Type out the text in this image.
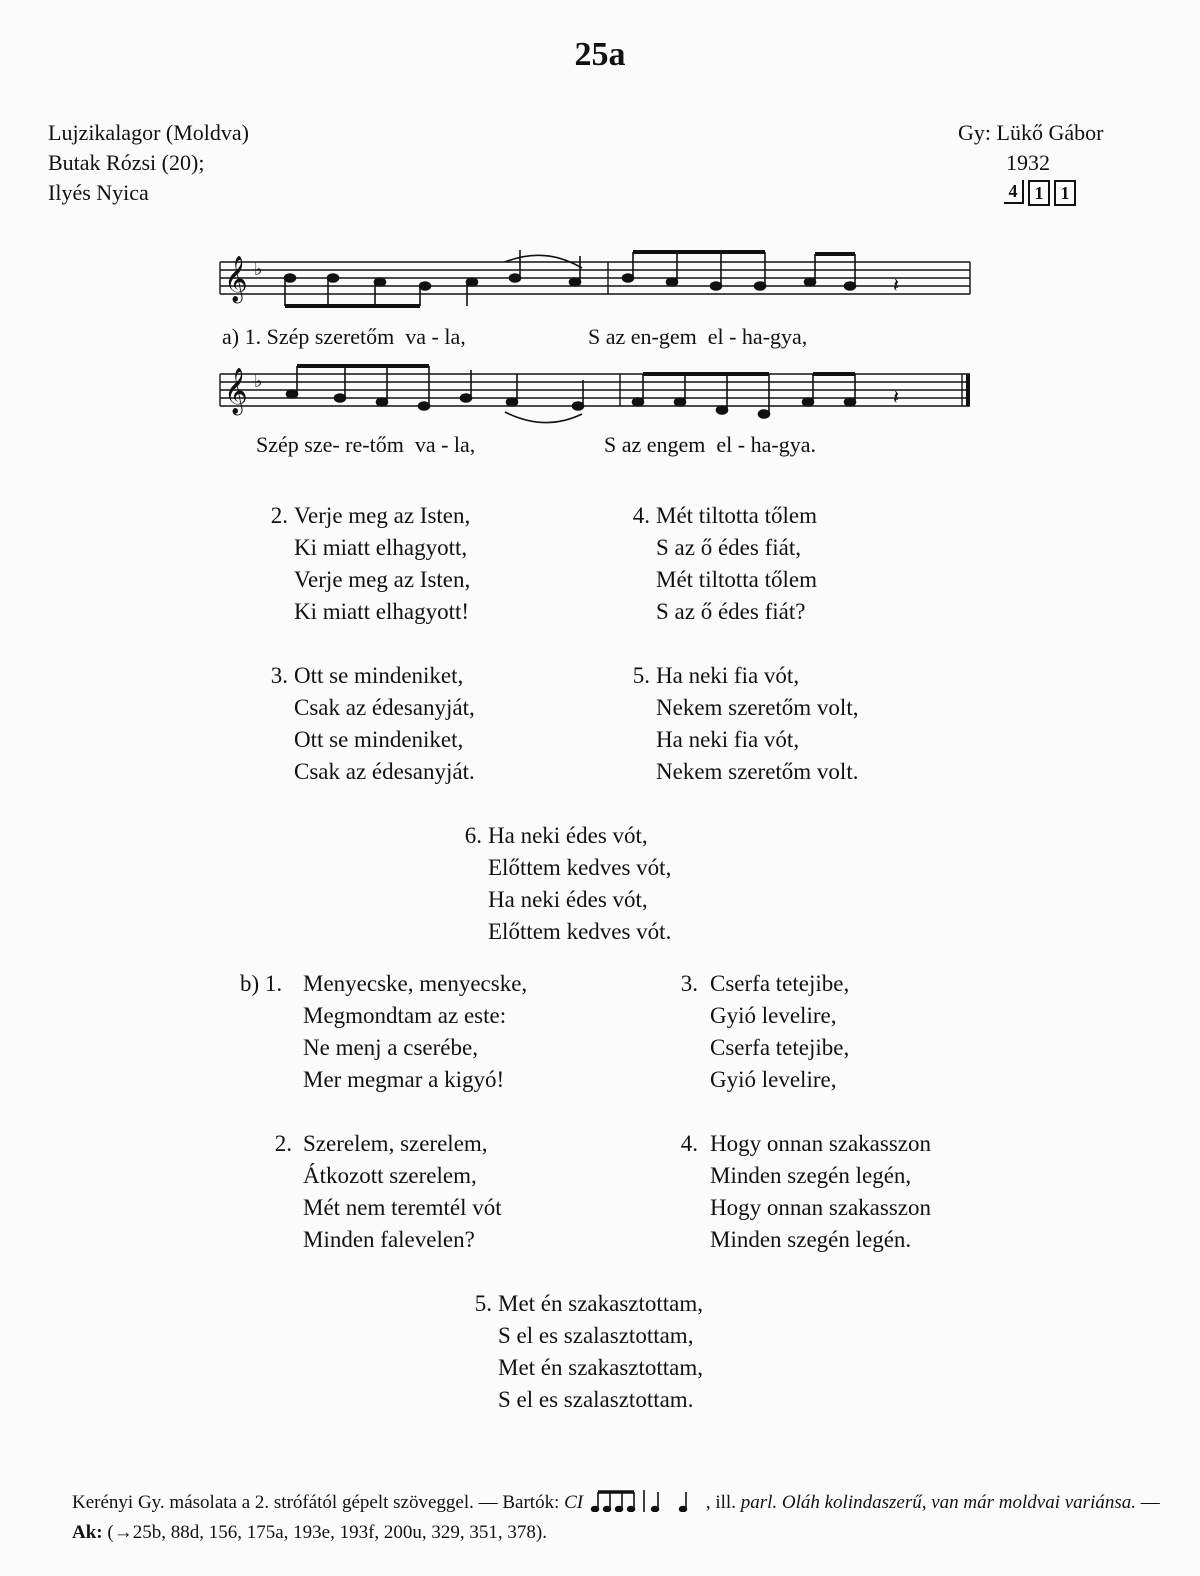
25a
Lujzikalagor (Moldva)
Butak Rózsi (20);
Ilyés Nyica
Gy: Lükő Gábor
1932
4 1 1
𝄞
𝄞
♭
♭
𝄽
𝄽
a) 1. Szép szeretőm  va - la,	S az en-gem  el - ha-gya,
Szép sze- re-tőm  va - la,	S az engem  el - ha-gya.
2. Verje meg az Isten,
Ki miatt elhagyott,
Verje meg az Isten,
Ki miatt elhagyott!
4. Mét tiltotta tőlem
S az ő édes fiát,
Mét tiltotta tőlem
S az ő édes fiát?
3. Ott se mindeniket,
Csak az édesanyját,
Ott se mindeniket,
Csak az édesanyját.
5. Ha neki fia vót,
Nekem szeretőm volt,
Ha neki fia vót,
Nekem szeretőm volt.
6. Ha neki édes vót,
Előttem kedves vót,
Ha neki édes vót,
Előttem kedves vót.
b) 1. Menyecske, menyecske,
Megmondtam az este:
Ne menj a cserébe,
Mer megmar a kigyó!
3. Cserfa tetejibe,
Gyió levelire,
Cserfa tetejibe,
Gyió levelire,
2. Szerelem, szerelem,
Átkozott szerelem,
Mét nem teremtél vót
Minden falevelen?
4. Hogy onnan szakasszon
Minden szegén legén,
Hogy onnan szakasszon
Minden szegén legén.
5. Met én szakasztottam,
S el es szalasztottam,
Met én szakasztottam,
S el es szalasztottam.
Kerényi Gy. másolata a 2. strófától gépelt szöveggel. — Bartók: CI	, ill. parl. Oláh kolindaszerű, van már moldvai variánsa. — Ak: (→25b, 88d, 156, 175a, 193e, 193f, 200u, 329, 351, 378).
